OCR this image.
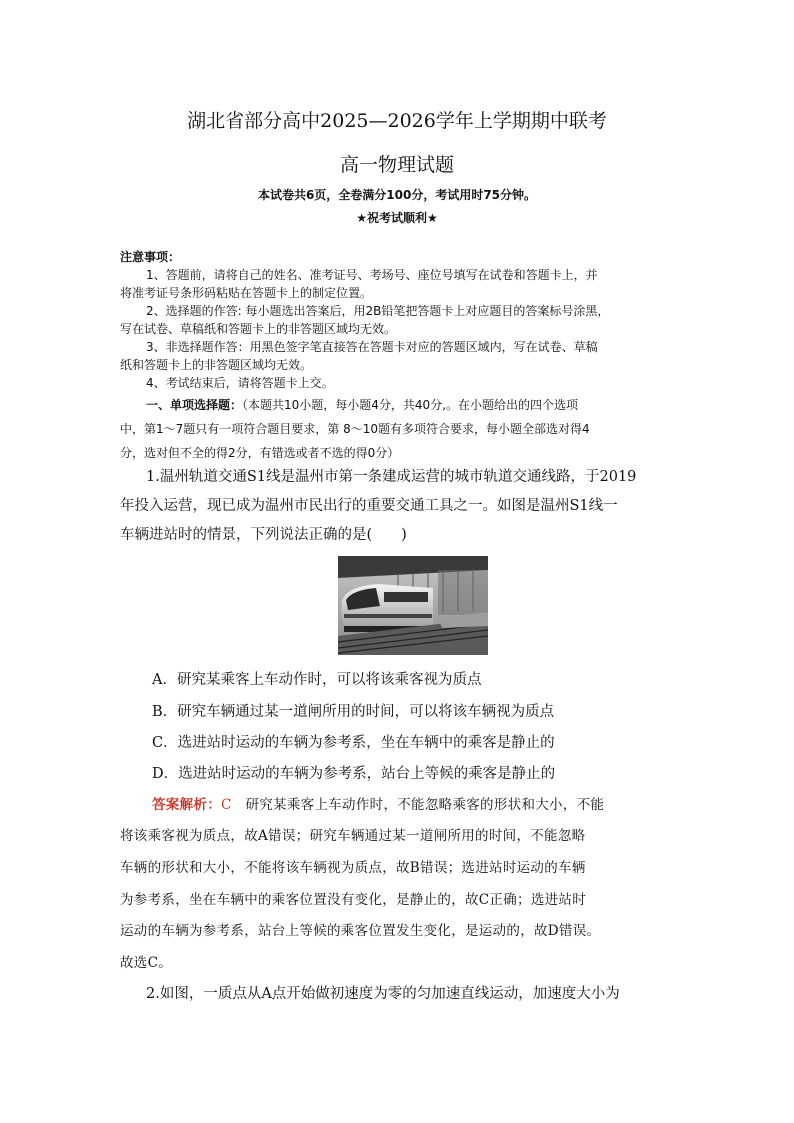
湖北省部分高中2025—2026学年上学期期中联考
高一物理试题
本试卷共6页，全卷满分100分，考试用时75分钟。
★祝考试顺利★
注意事项：
1、答题前，请将自己的姓名、准考证号、考场号、座位号填写在试卷和答题卡上，并
将准考证号条形码粘贴在答题卡上的制定位置。
2、选择题的作答: 每小题选出答案后，用2B铅笔把答题卡上对应题目的答案标号涂黑，
写在试卷、草稿纸和答题卡上的非答题区域均无效。
3、非选择题作答：用黑色签字笔直接答在答题卡对应的答题区域内，写在试卷、草稿
纸和答题卡上的非答题区域均无效。
4、考试结束后，请将答题卡上交。
一、单项选择题：（本题共10小题，每小题4分，共40分,。在小题给出的四个选项
中，第1～7题只有一项符合题目要求，第 8～10题有多项符合要求，每小题全部选对得4
分，选对但不全的得2分，有错选或者不选的得0分）
1.温州轨道交通S1线是温州市第一条建成运营的城市轨道交通线路，于2019
年投入运营，现已成为温州市民出行的重要交通工具之一。如图是温州S1线一
车辆进站时的情景，下列说法正确的是(　　)
A．研究某乘客上车动作时，可以将该乘客视为质点
B．研究车辆通过某一道闸所用的时间，可以将该车辆视为质点
C．选进站时运动的车辆为参考系，坐在车辆中的乘客是静止的
D．选进站时运动的车辆为参考系，站台上等候的乘客是静止的
答案解析：C　 研究某乘客上车动作时，不能忽略乘客的形状和大小，不能
将该乘客视为质点，故A错误；研究车辆通过某一道闸所用的时间，不能忽略
车辆的形状和大小，不能将该车辆视为质点，故B错误；选进站时运动的车辆
为参考系，坐在车辆中的乘客位置没有变化，是静止的，故C正确；选进站时
运动的车辆为参考系，站台上等候的乘客位置发生变化，是运动的，故D错误。
故选C。
2.如图，一质点从A点开始做初速度为零的匀加速直线运动，加速度大小为
